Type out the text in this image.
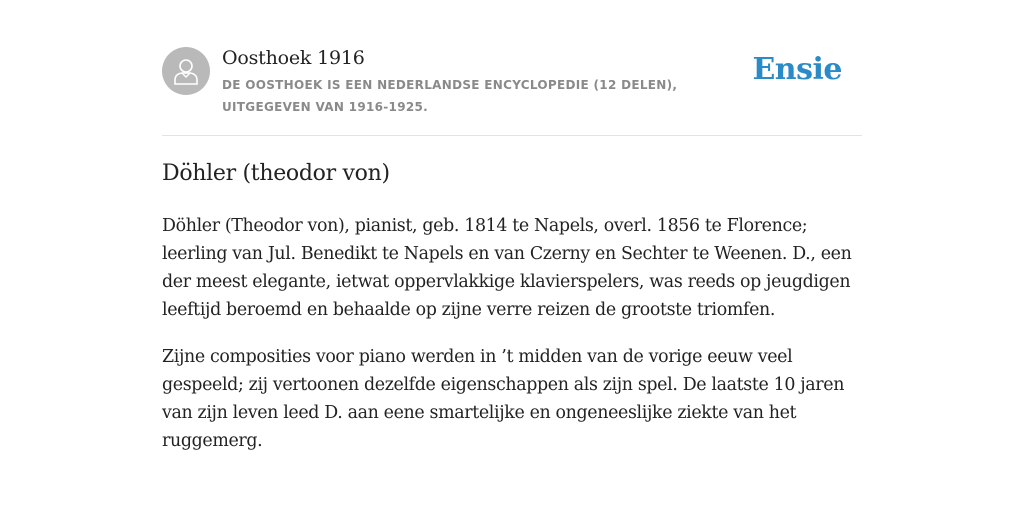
Oosthoek 1916
DE OOSTHOEK IS EEN NEDERLANDSE ENCYCLOPEDIE (12 DELEN), UITGEGEVEN VAN 1916-1925.
Ensie
Döhler (theodor von)

Döhler (Theodor von), pianist, geb. 1814 te Napels, overl. 1856 te Florence; leerling van Jul. Benedikt te Napels en van Czerny en Sechter te Weenen. D., een der meest elegante, ietwat oppervlakkige klavierspelers, was reeds op jeugdigen leeftijd beroemd en behaalde op zijne verre reizen de grootste triomfen.

Zijne composities voor piano werden in ’t midden van de vorige eeuw veel gespeeld; zij vertoonen dezelfde eigenschappen als zijn spel. De laatste 10 jaren van zijn leven leed D. aan eene smartelijke en ongeneeslijke ziekte van het ruggemerg.
